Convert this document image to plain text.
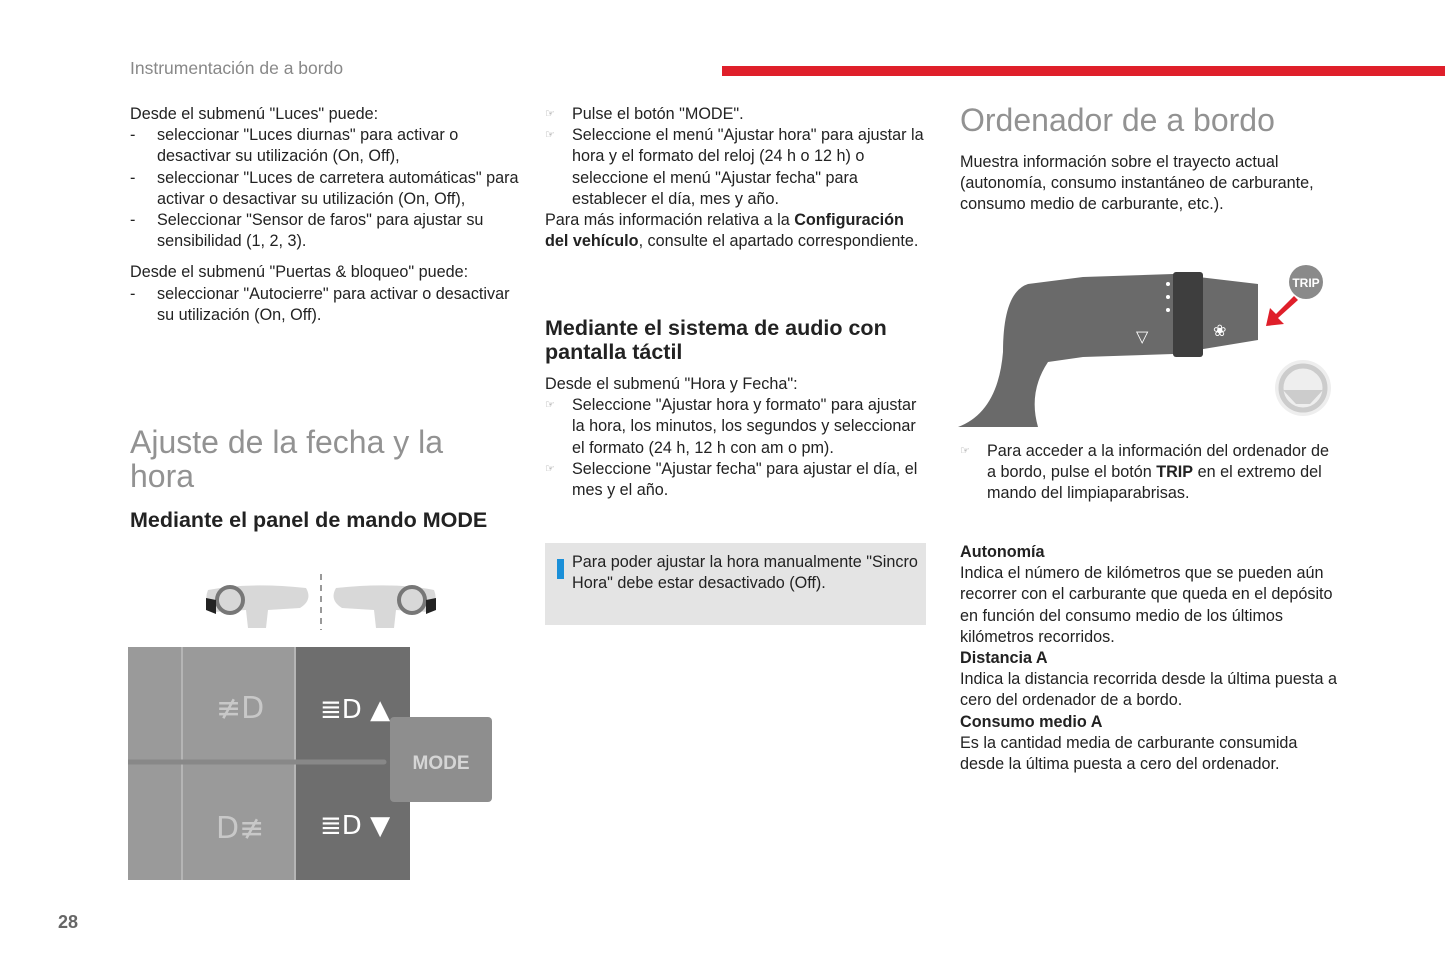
Instrumentación de a bordo

Desde el submenú "Luces" puede:

- seleccionar "Luces diurnas" para activar o desactivar su utilización (On, Off),
- seleccionar "Luces de carretera automáticas" para activar o desactivar su utilización (On, Off),
- Seleccionar "Sensor de faros" para ajustar su sensibilidad (1, 2, 3).

Desde el submenú "Puertas & bloqueo" puede:

- seleccionar "Autocierre" para activar o desactivar su utilización (On, Off).
Ajuste de la fecha y la hora
Mediante el panel de mando MODE
≢D
D≢
≣D ▲
≣D ▼
MODE
☞ Pulse el botón "MODE".
☞ Seleccione el menú "Ajustar hora" para ajustar la hora y el formato del reloj (24 h o 12 h) o seleccione el menú "Ajustar fecha" para establecer el día, mes y año.

Para más información relativa a la Configuración del vehículo, consulte el apartado correspondiente.

Mediante el sistema de audio con pantalla táctil

Desde el submenú "Hora y Fecha":

☞ Seleccione "Ajustar hora y formato" para ajustar la hora, los minutos, los segundos y seleccionar el formato (24 h, 12 h con am o pm).
☞ Seleccione "Ajustar fecha" para ajustar el día, el mes y el año.

Para poder ajustar la hora manualmente "Sincro Hora" debe estar desactivado (Off).

Ordenador de a bordo

Muestra información sobre el trayecto actual (autonomía, consumo instantáneo de carburante, consumo medio de carburante, etc.).

▽	❀
TRIP
☞ Para acceder a la información del ordenador de a bordo, pulse el botón TRIP en el extremo del mando del limpiaparabrisas.

Autonomía

Indica el número de kilómetros que se pueden aún recorrer con el carburante que queda en el depósito en función del consumo medio de los últimos kilómetros recorridos.

Distancia A

Indica la distancia recorrida desde la última puesta a cero del ordenador de a bordo.

Consumo medio A

Es la cantidad media de carburante consumida desde la última puesta a cero del ordenador.

28
